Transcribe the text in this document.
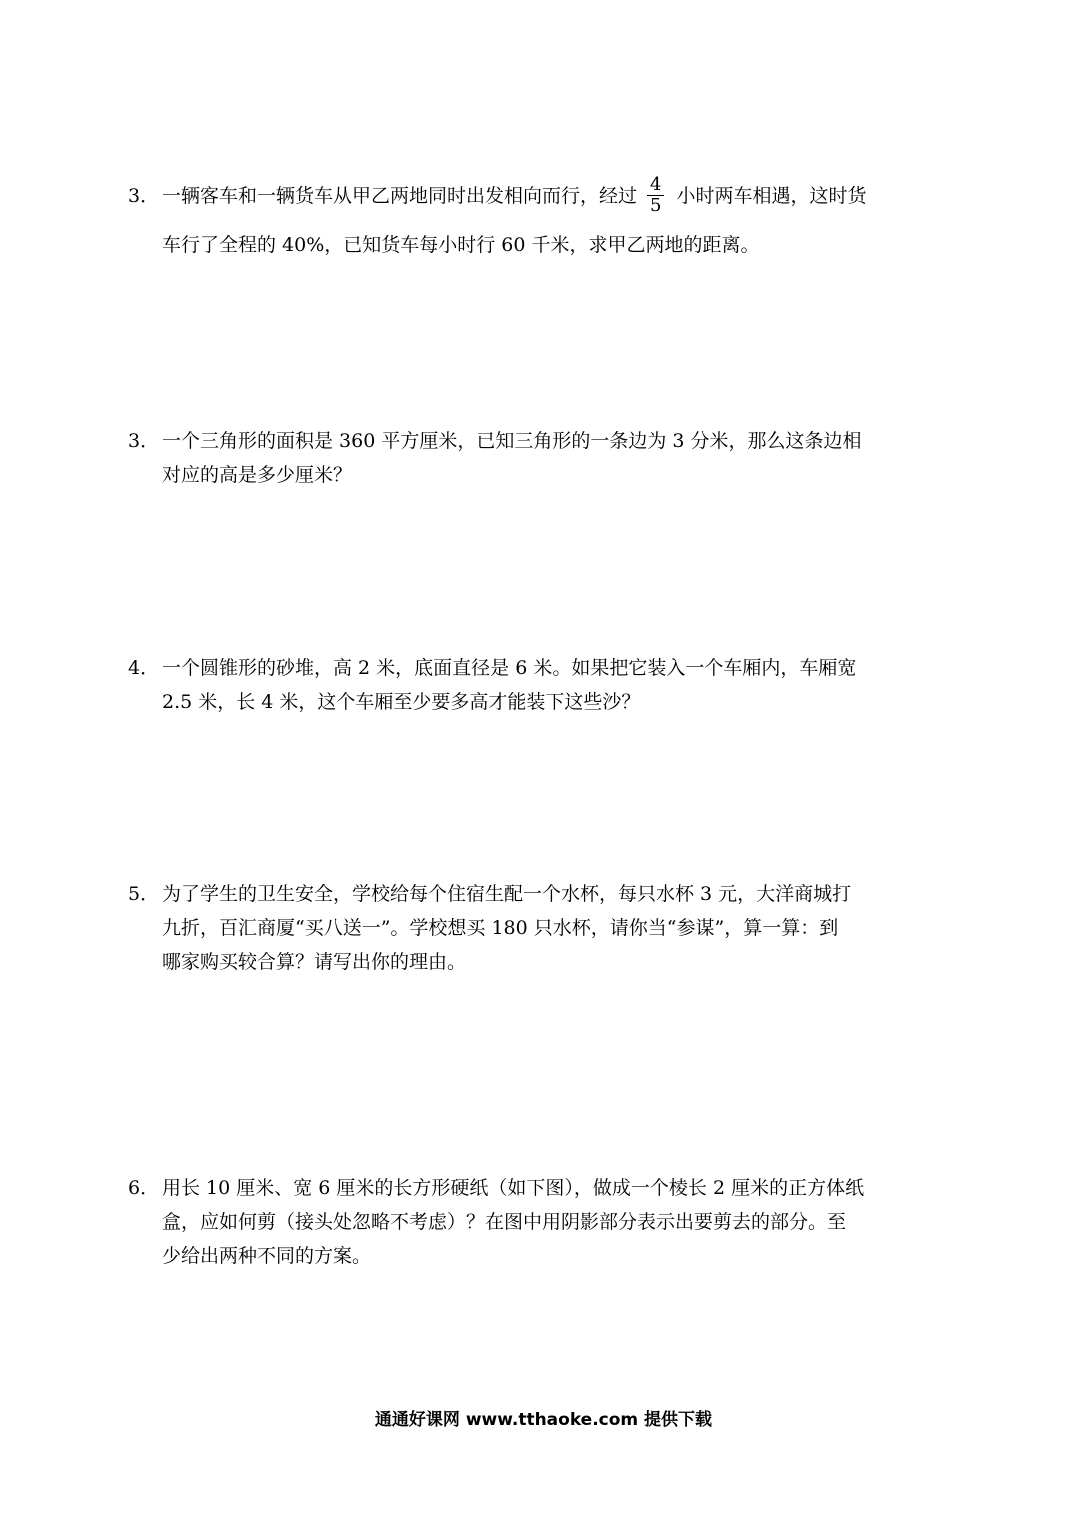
3． 一辆客车和一辆货车从甲乙两地同时出发相向而行，经过 $\frac{4}{5}$ 小时两车相遇，这时货
车行了全程的 40%，已知货车每小时行 60 千米，求甲乙两地的距离。
3． 一个三角形的面积是 360 平方厘米，已知三角形的一条边为 3 分米，那么这条边相
对应的高是多少厘米？
4． 一个圆锥形的砂堆，高 2 米，底面直径是 6 米。如果把它装入一个车厢内，车厢宽
2.5 米，长 4 米，这个车厢至少要多高才能装下这些沙？
5． 为了学生的卫生安全，学校给每个住宿生配一个水杯，每只水杯 3 元，大洋商城打
九折，百汇商厦“买八送一”。学校想买 180 只水杯，请你当“参谋”，算一算：到
哪家购买较合算？请写出你的理由。
6． 用长 10 厘米、宽 6 厘米的长方形硬纸（如下图），做成一个棱长 2 厘米的正方体纸
盒，应如何剪（接头处忽略不考虑）？在图中用阴影部分表示出要剪去的部分。至
少给出两种不同的方案。
通通好课网 www.tthaoke.com 提供下载
